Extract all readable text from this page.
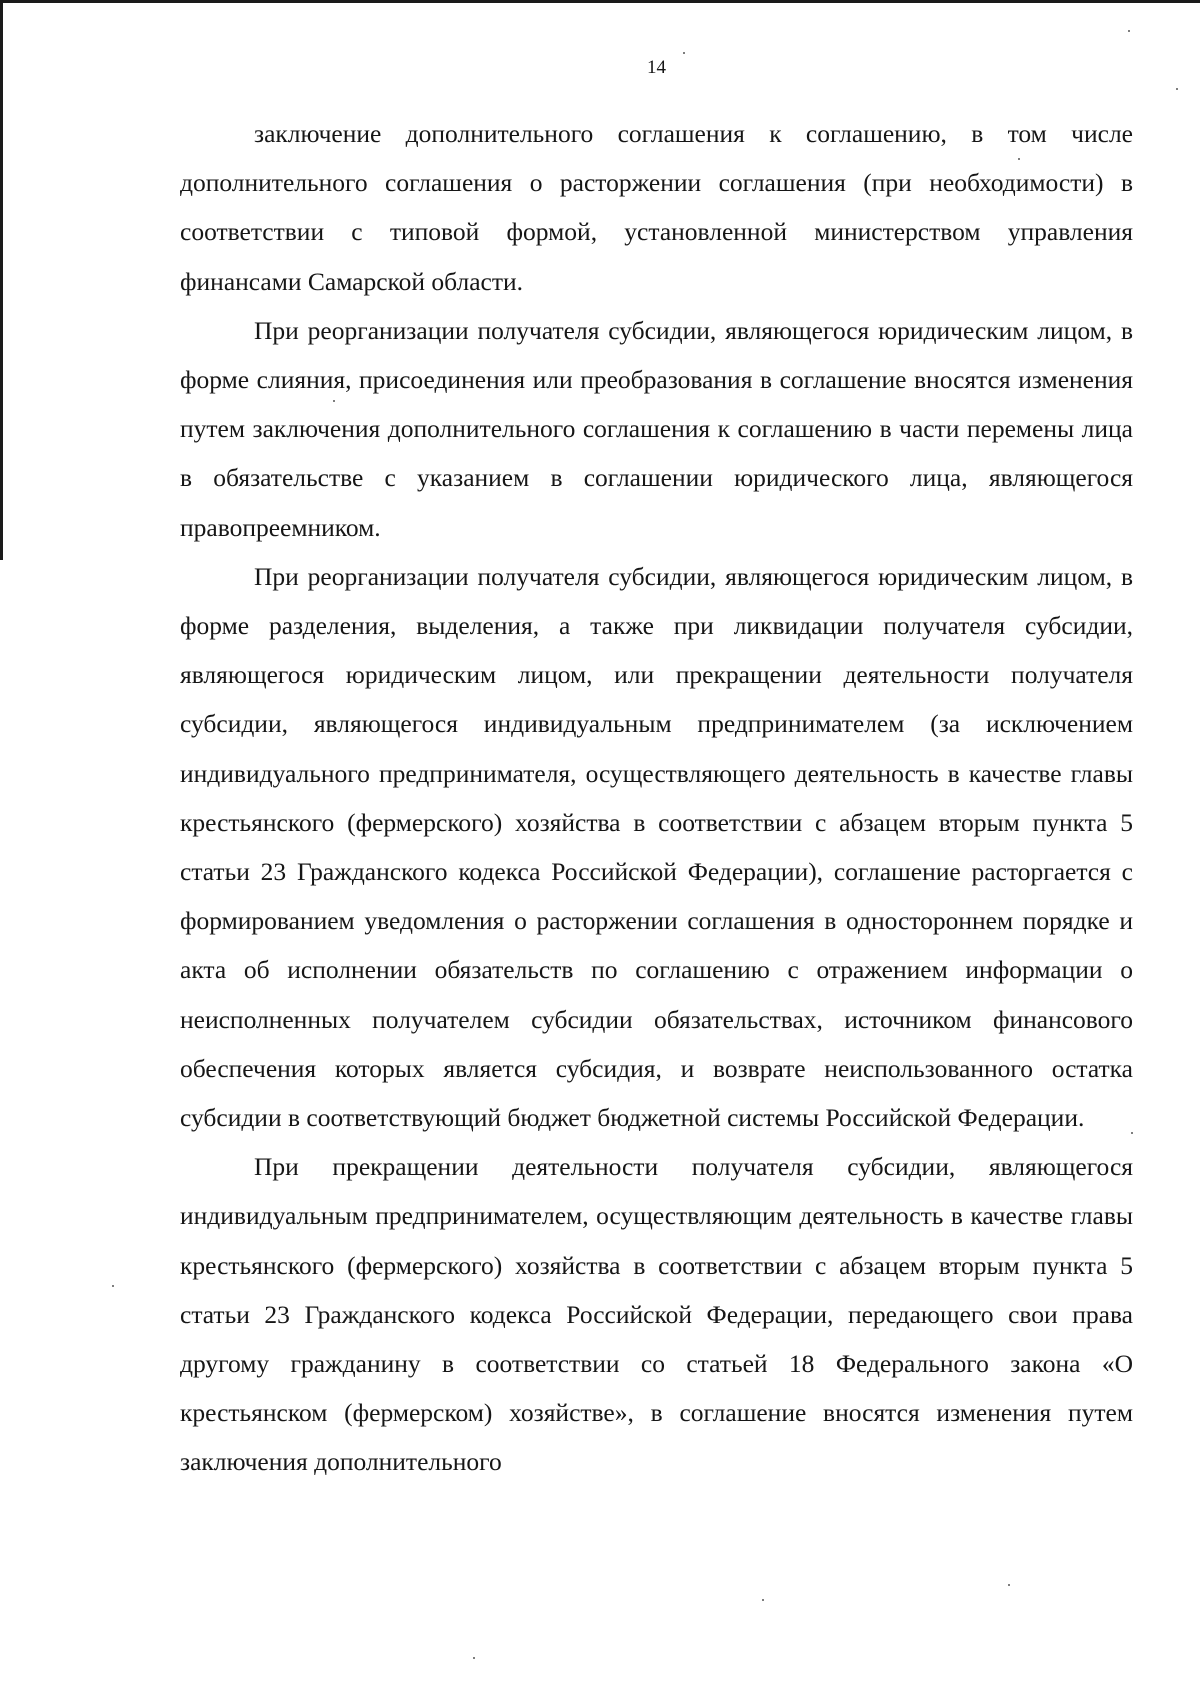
14

заключение дополнительного соглашения к соглашению, в том числе дополнительного соглашения о расторжении соглашения (при необходимости) в соответствии с типовой формой, установленной министерством управления финансами Самарской области.

При реорганизации получателя субсидии, являющегося юридическим лицом, в форме слияния, присоединения или преобразования в соглашение вносятся изменения путем заключения дополнительного соглашения к соглашению в части перемены лица в обязательстве с указанием в соглашении юридического лица, являющегося правопреемником.

При реорганизации получателя субсидии, являющегося юридическим лицом, в форме разделения, выделения, а также при ликвидации получателя субсидии, являющегося юридическим лицом, или прекращении деятельности получателя субсидии, являющегося индивидуальным предпринимателем (за исключением индивидуального предпринимателя, осуществляющего деятельность в качестве главы крестьянского (фермерского) хозяйства в соответствии с абзацем вторым пункта 5 статьи 23 Гражданского кодекса Российской Федерации), соглашение расторгается с формированием уведомления о расторжении соглашения в одностороннем порядке и акта об исполнении обязательств по соглашению с отражением информации о неисполненных получателем субсидии обязательствах, источником финансового обеспечения которых является субсидия, и возврате неиспользованного остатка субсидии в соответствующий бюджет бюджетной системы Российской Федерации.

При прекращении деятельности получателя субсидии, являющегося индивидуальным предпринимателем, осуществляющим деятельность в качестве главы крестьянского (фермерского) хозяйства в соответствии с абзацем вторым пункта 5 статьи 23 Гражданского кодекса Российской Федерации, передающего свои права другому гражданину в соответствии со статьей 18 Федерального закона «О крестьянском (фермерском) хозяйстве», в соглашение вносятся изменения путем заключения дополнительного
